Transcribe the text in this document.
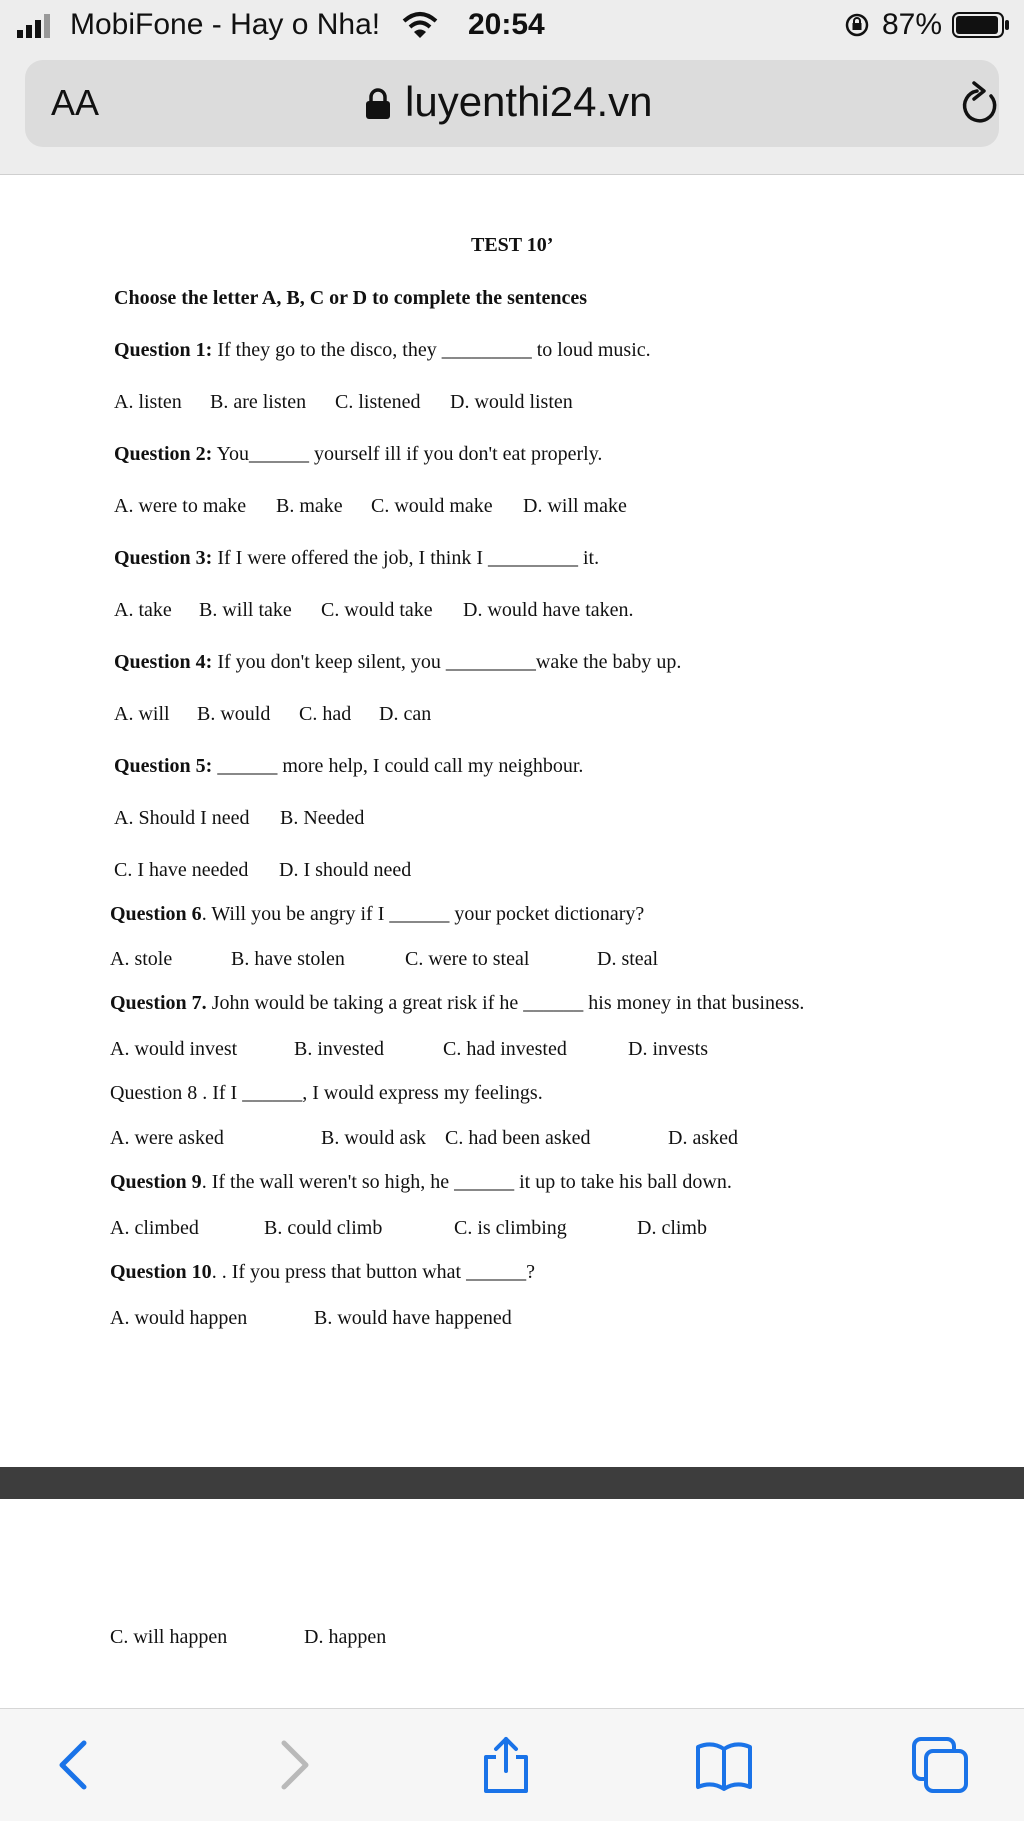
MobiFone - Hay o Nha!	20:54	87%
AA	luyenthi24.vn
TEST 10’
Choose the letter A, B, C or D to complete the sentences
Question 1: If they go to the disco, they _________ to loud music.
A. listen B. are listen C. listened D. would listen
Question 2: You______ yourself ill if you don't eat properly.
A. were to make B. make C. would make D. will make
Question 3: If I were offered the job, I think I _________ it.
A. take B. will take C. would take D. would have taken.
Question 4: If you don't keep silent, you _________wake the baby up.
A. will B. would C. had D. can
Question 5: ______ more help, I could call my neighbour.
A. Should I need B. Needed
C. I have needed D. I should need
Question 6. Will you be angry if I ______ your pocket dictionary?
A. stole	B. have stolen	C. were to steal	D. steal
Question 7. John would be taking a great risk if he ______ his money in that business.
A. would invest	B. invested	C. had invested	D. invests
Question 8 . If I ______, I would express my feelings.
A. were asked	B. would ask C. had been asked	D. asked
Question 9. If the wall weren't so high, he ______ it up to take his ball down.
A. climbed	B. could climb	C. is climbing	D. climb
Question 10. . If you press that button what ______?
A. would happen	B. would have happened
C. will happen	D. happen
